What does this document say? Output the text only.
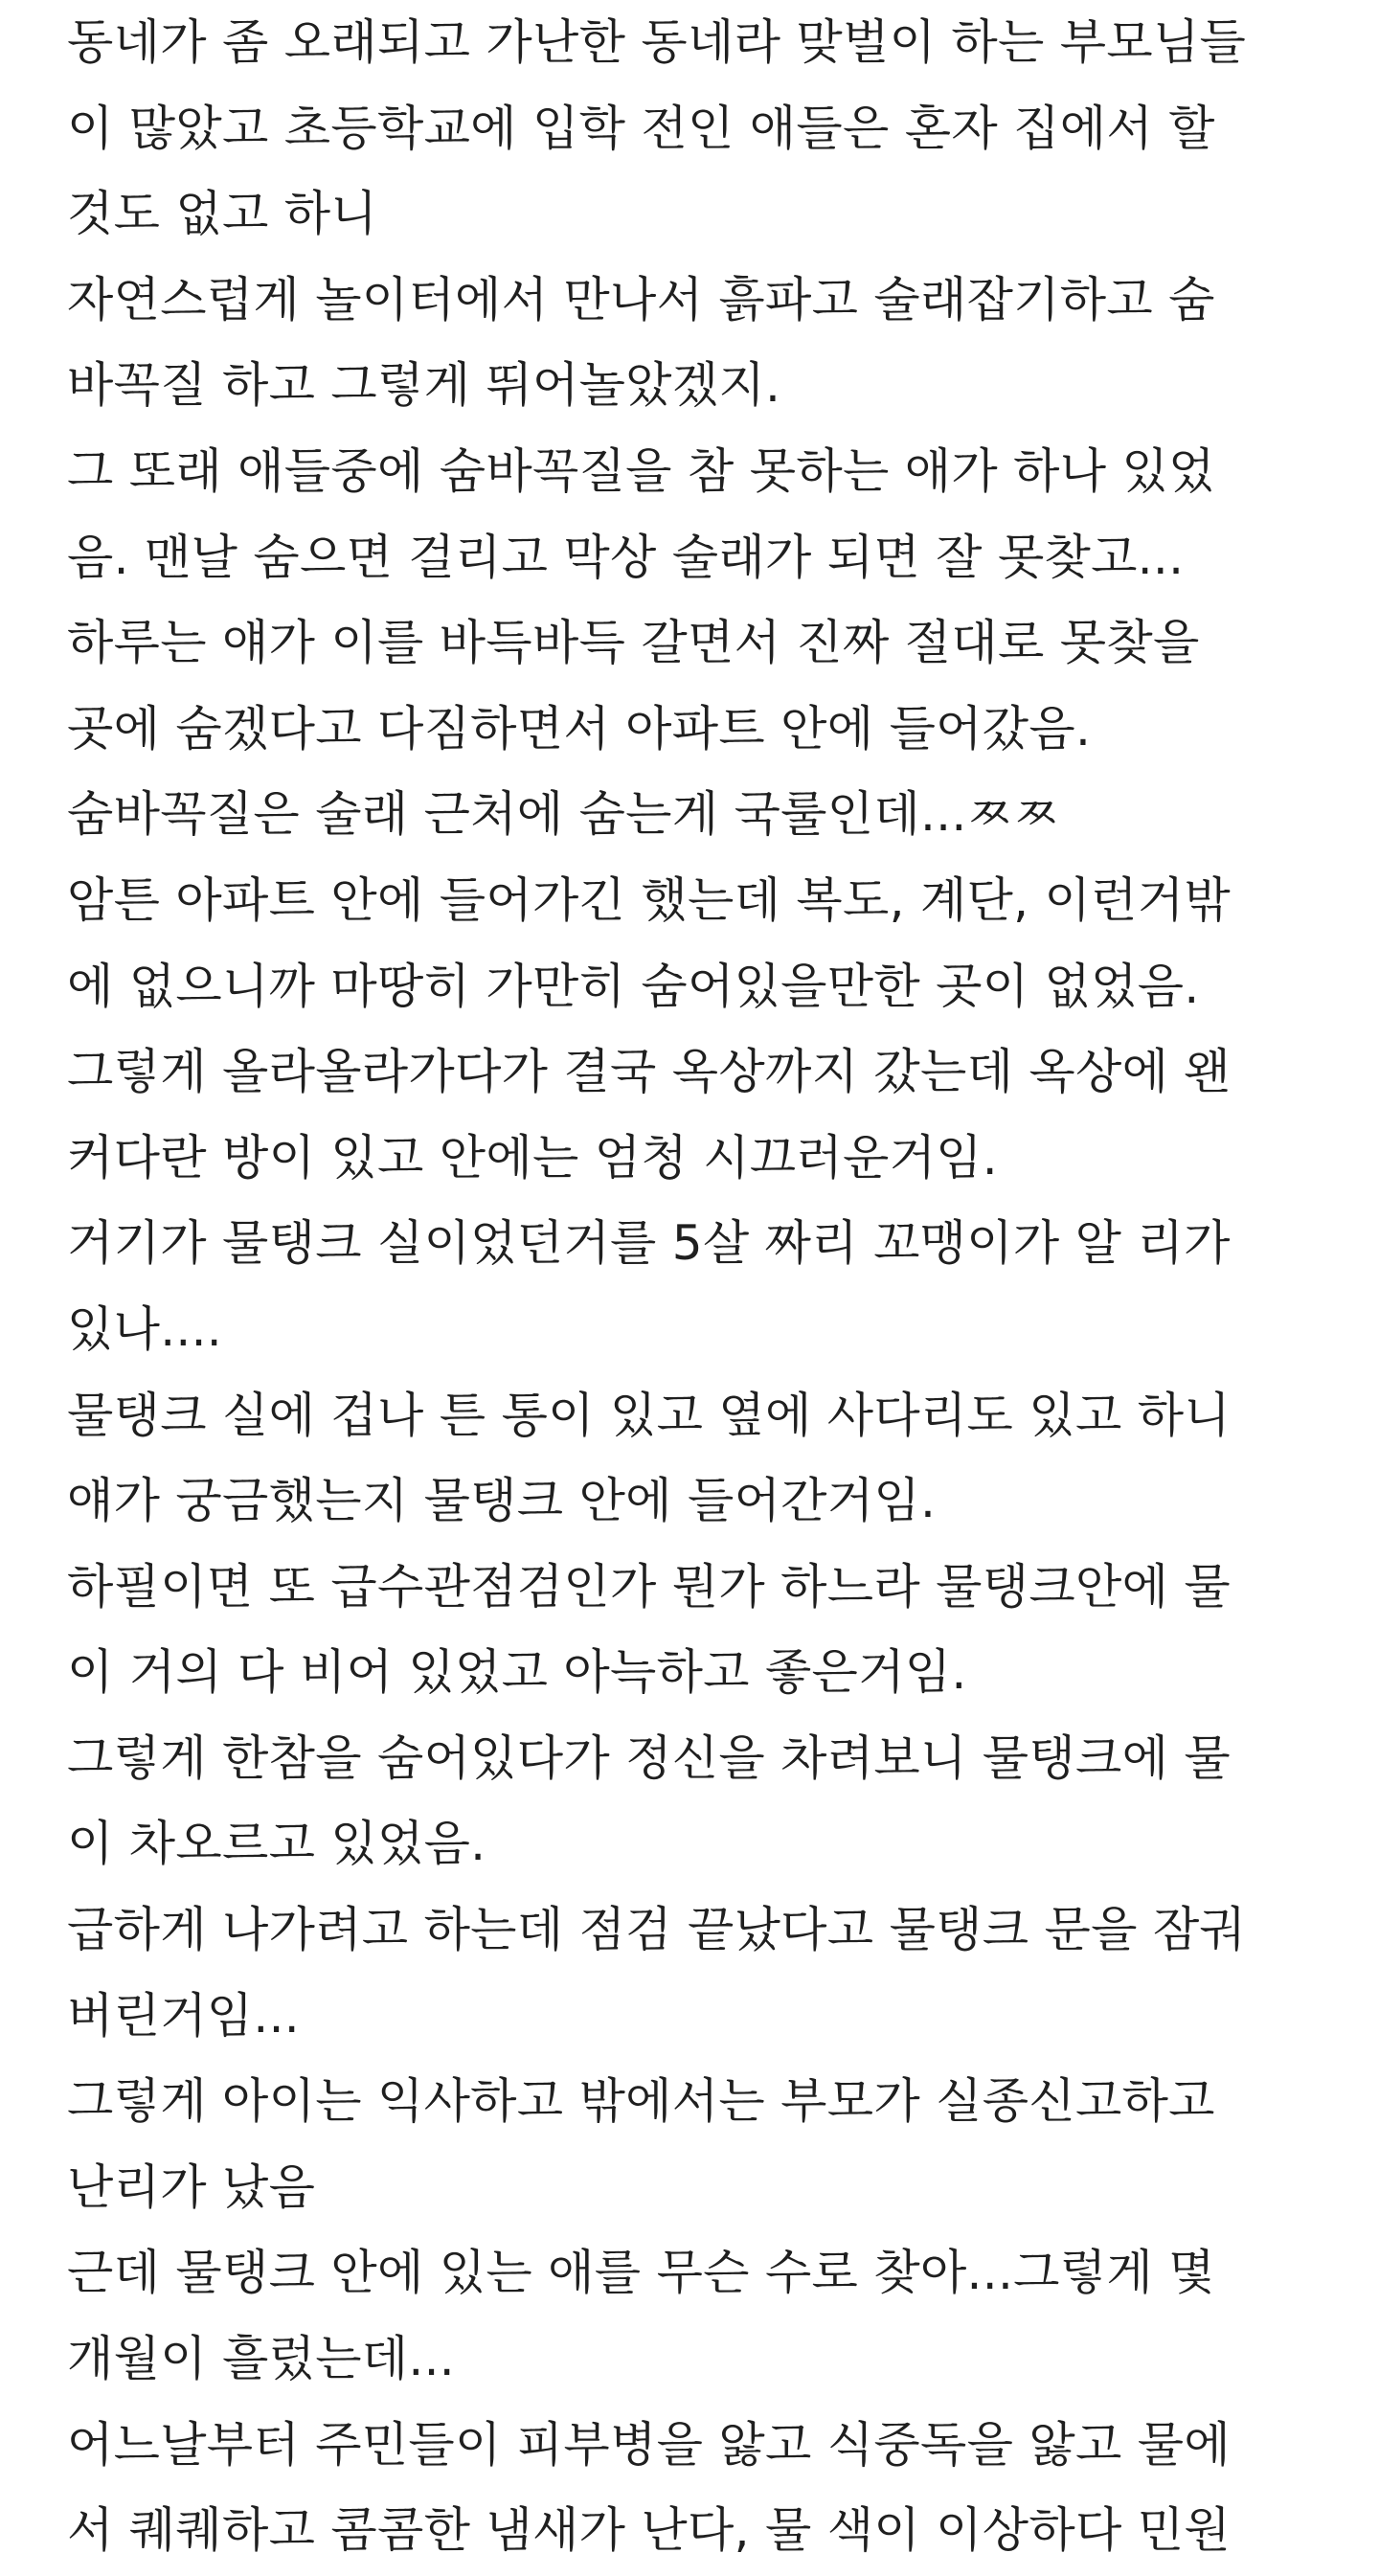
동네가 좀 오래되고 가난한 동네라 맞벌이 하는 부모님들
이 많았고 초등학교에 입학 전인 애들은 혼자 집에서 할
것도 없고 하니
자연스럽게 놀이터에서 만나서 흙파고 술래잡기하고 숨
바꼭질 하고 그렇게 뛰어놀았겠지.
그 또래 애들중에 숨바꼭질을 참 못하는 애가 하나 있었
음. 맨날 숨으면 걸리고 막상 술래가 되면 잘 못찾고...
하루는 얘가 이를 바득바득 갈면서 진짜 절대로 못찾을
곳에 숨겠다고 다짐하면서 아파트 안에 들어갔음.
숨바꼭질은 술래 근처에 숨는게 국룰인데...ㅉㅉ
암튼 아파트 안에 들어가긴 했는데 복도, 계단, 이런거밖
에 없으니까 마땅히 가만히 숨어있을만한 곳이 없었음.
그렇게 올라올라가다가 결국 옥상까지 갔는데 옥상에 왠
커다란 방이 있고 안에는 엄청 시끄러운거임.
거기가 물탱크 실이었던거를 5살 짜리 꼬맹이가 알 리가
있나....
물탱크 실에 겁나 튼 통이 있고 옆에 사다리도 있고 하니
얘가 궁금했는지 물탱크 안에 들어간거임.
하필이면 또 급수관점검인가 뭔가 하느라 물탱크안에 물
이 거의 다 비어 있었고 아늑하고 좋은거임.
그렇게 한참을 숨어있다가 정신을 차려보니 물탱크에 물
이 차오르고 있었음.
급하게 나가려고 하는데 점검 끝났다고 물탱크 문을 잠궈
버린거임...
그렇게 아이는 익사하고 밖에서는 부모가 실종신고하고
난리가 났음
근데 물탱크 안에 있는 애를 무슨 수로 찾아...그렇게 몇
개월이 흘렀는데...
어느날부터 주민들이 피부병을 앓고 식중독을 앓고 물에
서 퀘퀘하고 콤콤한 냄새가 난다, 물 색이 이상하다 민원
